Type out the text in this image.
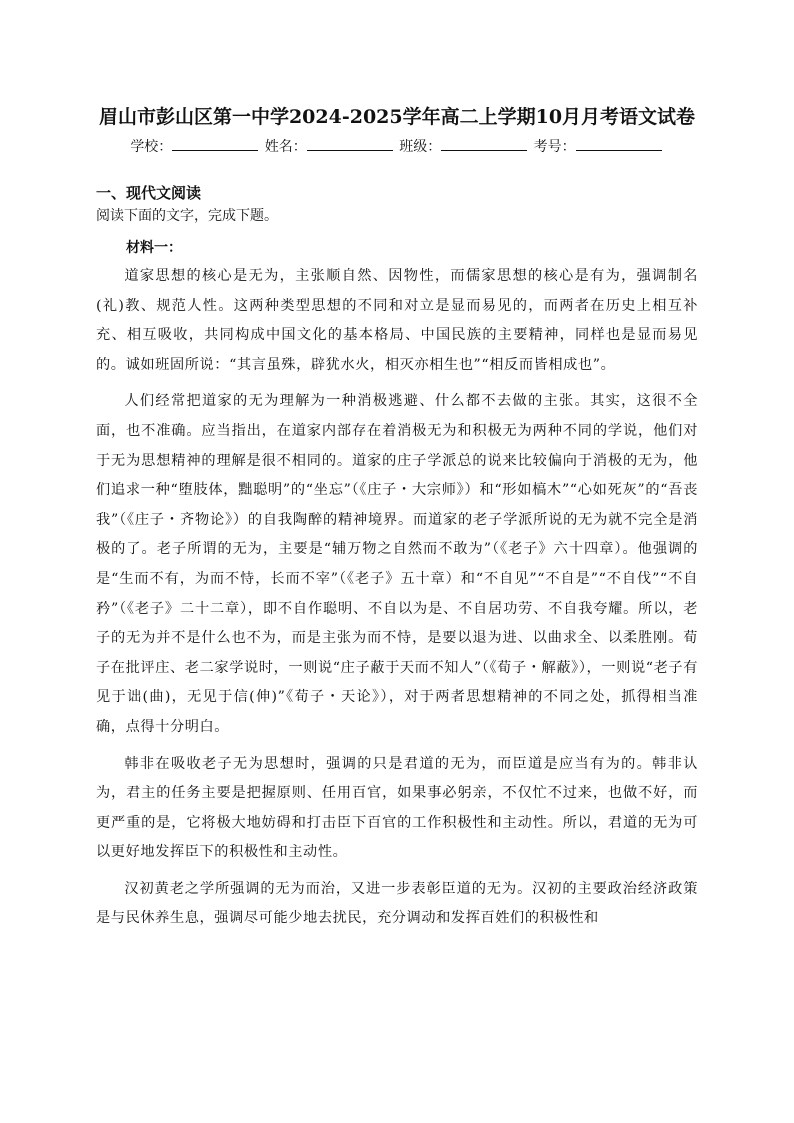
眉山市彭山区第一中学2024-2025学年高二上学期10月月考语文试卷
学校：	姓名：	班级：	考号：
一、现代文阅读
阅读下面的文字，完成下题。
材料一：

道家思想的核心是无为，主张顺自然、因物性，而儒家思想的核心是有为，强调制名(礼)教、规范人性。这两种类型思想的不同和对立是显而易见的，而两者在历史上相互补充、相互吸收，共同构成中国文化的基本格局、中国民族的主要精神，同样也是显而易见的。诚如班固所说：“其言虽殊，辟犹水火，相灭亦相生也”“相反而皆相成也”。

人们经常把道家的无为理解为一种消极逃避、什么都不去做的主张。其实，这很不全面，也不准确。应当指出，在道家内部存在着消极无为和积极无为两种不同的学说，他们对于无为思想精神的理解是很不相同的。道家的庄子学派总的说来比较偏向于消极的无为，他们追求一种“堕肢体，黜聪明”的“坐忘”（《庄子・大宗师》）和“形如槁木”“心如死灰”的“吾丧我”（《庄子・齐物论》）的自我陶醉的精神境界。而道家的老子学派所说的无为就不完全是消极的了。老子所谓的无为，主要是“辅万物之自然而不敢为”（《老子》六十四章）。他强调的是“生而不有，为而不恃，长而不宰”（《老子》五十章）和“不自见”“不自是”“不自伐”“不自矜”（《老子》二十二章），即不自作聪明、不自以为是、不自居功劳、不自我夸耀。所以，老子的无为并不是什么也不为，而是主张为而不恃，是要以退为进、以曲求全、以柔胜刚。荀子在批评庄、老二家学说时，一则说“庄子蔽于天而不知人”（《荀子・解蔽》），一则说“老子有见于诎(曲)，无见于信(伸)”《荀子・天论》），对于两者思想精神的不同之处，抓得相当准确，点得十分明白。

韩非在吸收老子无为思想时，强调的只是君道的无为，而臣道是应当有为的。韩非认为，君主的任务主要是把握原则、任用百官，如果事必躬亲，不仅忙不过来，也做不好，而更严重的是，它将极大地妨碍和打击臣下百官的工作积极性和主动性。所以，君道的无为可以更好地发挥臣下的积极性和主动性。

汉初黄老之学所强调的无为而治，又进一步表彰臣道的无为。汉初的主要政治经济政策是与民休养生息，强调尽可能少地去扰民，充分调动和发挥百姓们的积极性和
